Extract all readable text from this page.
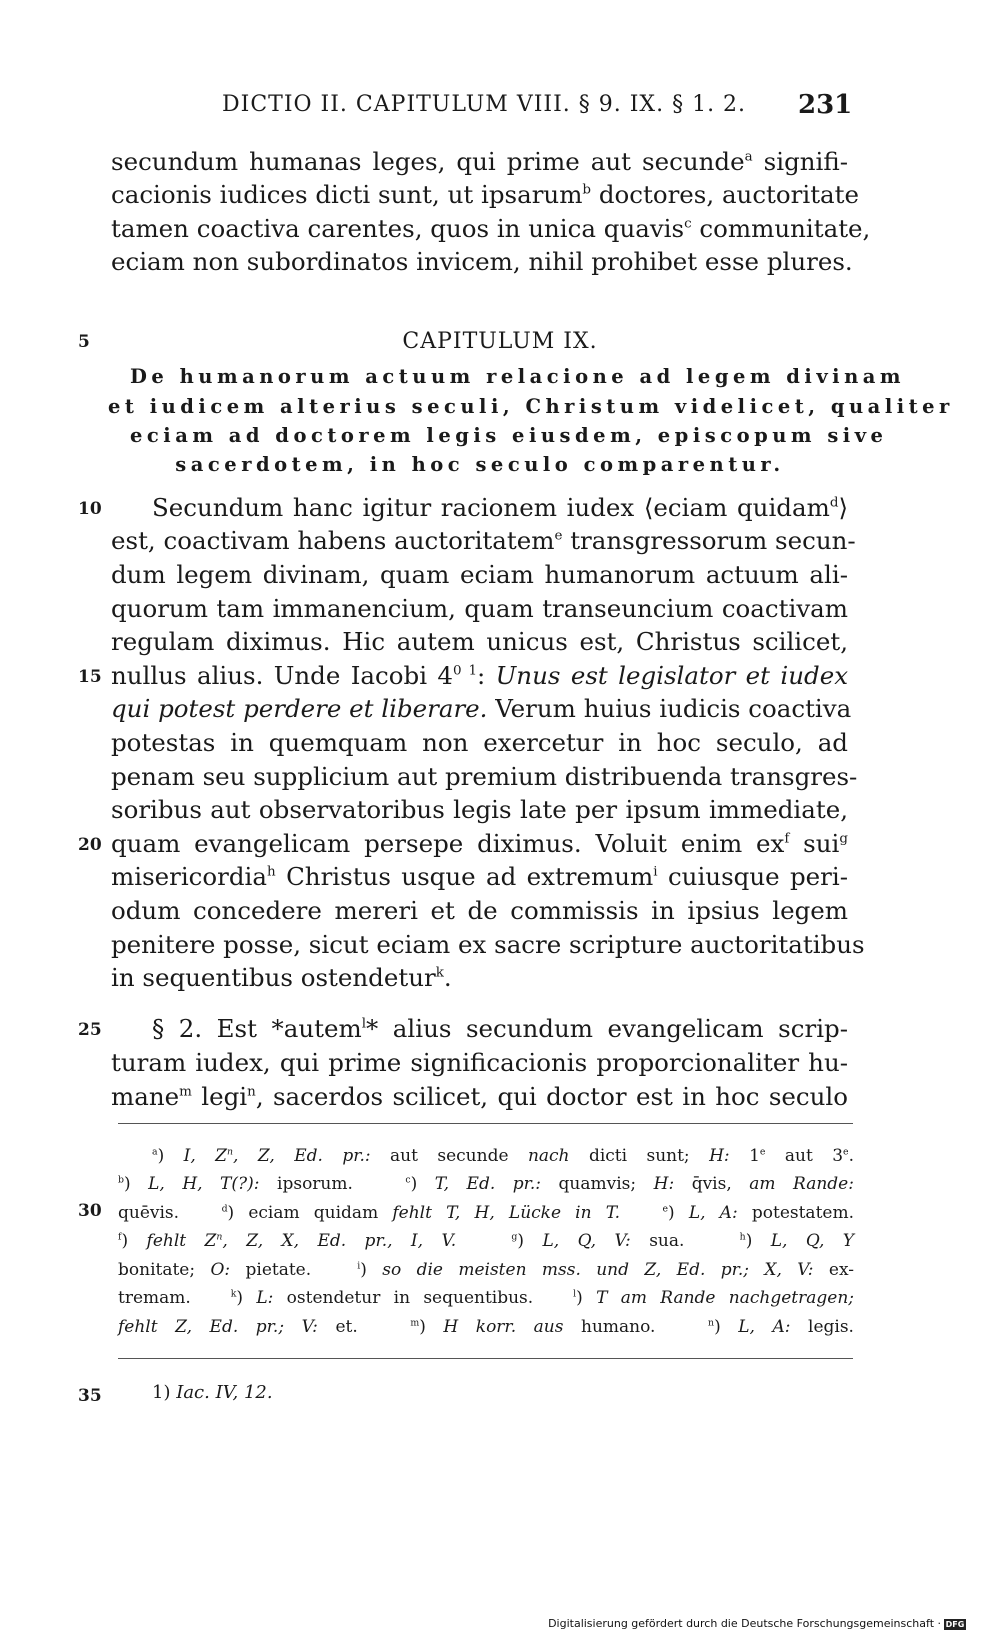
DICTIO II. CAPITULUM VIII. § 9. IX. § 1. 2. 231
secundum humanas leges, qui prime aut secunde$^a$ signifi-
cacionis iudices dicti sunt, ut ipsarum$^b$ doctores, auctoritate
tamen coactiva carentes, quos in unica quavis$^c$ communitate,
eciam non subordinatos invicem, nihil prohibet esse plures.
5	CAPITULUM IX.
De humanorum actuum relacione ad legem divinam
et iudicem alterius seculi, Christum videlicet, qualiter
eciam ad doctorem legis eiusdem, episcopum sive
sacerdotem, in hoc seculo comparentur.
10 Secundum hanc igitur racionem iudex ⟨eciam quidam$^d$⟩
est, coactivam habens auctoritatem$^e$ transgressorum secun-
dum legem divinam, quam eciam humanorum actuum ali-
quorum tam immanencium, quam transeuncium coactivam
regulam diximus. Hic autem unicus est, Christus scilicet,
15 nullus alius. Unde Iacobi $4^{0 1}$: Unus est legislator et iudex
qui potest perdere et liberare. Verum huius iudicis coactiva
potestas in quemquam non exercetur in hoc seculo, ad
penam seu supplicium aut premium distribuenda transgres-
soribus aut observatoribus legis late per ipsum immediate,
20 quam evangelicam persepe diximus. Voluit enim $ex^f$ sui$^g$
misericordia$^h$ Christus usque ad extremum$^i$ cuiusque peri-
odum concedere mereri et de commissis in ipsius legem
penitere posse, sicut eciam ex sacre scripture auctoritatibus
in sequentibus ostendetur$^k$.
25 § 2. Est *autem$^l$* alius secundum evangelicam scrip-
turam iudex, qui prime significacionis proporcionaliter hu-
mane$^m$ legi$^n$, sacerdos scilicet, qui doctor est in hoc seculo
$^a$) I, $Z^n$, Z, Ed. pr.: aut secunde nach dicti sunt; H: 1e aut 3e.
$^b$) L, H, T(?): ipsorum.   $^c$) T, Ed. pr.: quamvis; H: q̄vis, am Rande:
30 quēvis.   $^d$) eciam quidam fehlt T, H, Lücke in T.	$^e$) L, A: potestatem.
$^f$) fehlt $Z^n$, Z, X, Ed. pr., I, V.	$^g$) L, Q, V: sua.   $^h$) L, Q, Y
bonitate; O: pietate.   $^i$) so die meisten mss. und Z, Ed. pr.; X, V: ex-
tremam.   $^k$) L: ostendetur in sequentibus.   $^l$) T am Rande nachgetragen;
fehlt Z, Ed. pr.; V: et.   $^m$) H korr. aus humano.   $^n$) L, A: legis.
35	1) Iac. IV, 12.
Digitalisierung gefördert durch die Deutsche Forschungsgemeinschaft · DFG
